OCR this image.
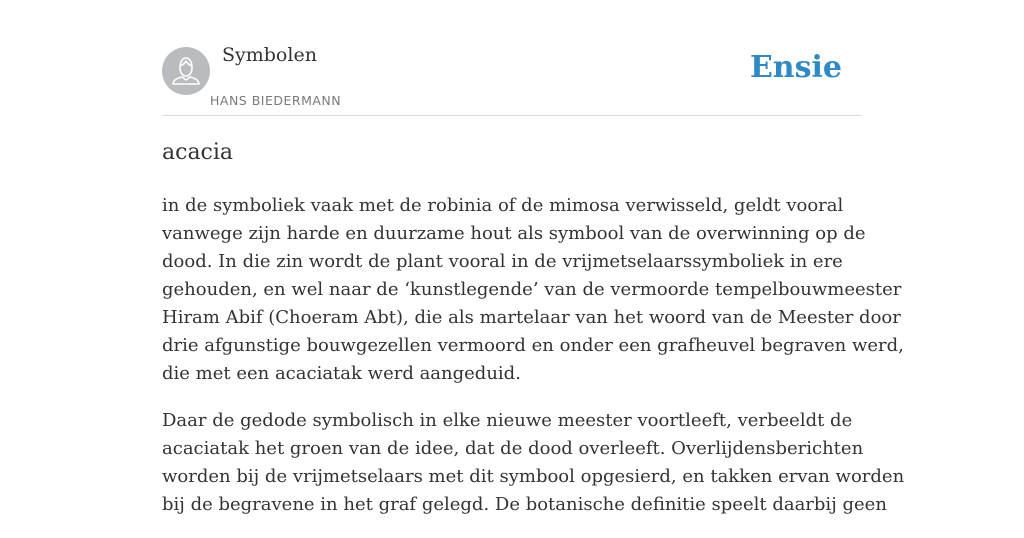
Symbolen
HANS BIEDERMANN
Ensie
acacia

in de symboliek vaak met de robinia of de mimosa verwisseld, geldt vooral
vanwege zijn harde en duurzame hout als symbool van de overwinning op de
dood. In die zin wordt de plant vooral in de vrijmetselaarssymboliek in ere
gehouden, en wel naar de ‘kunstlegende’ van de vermoorde tempelbouwmeester
Hiram Abif (Choeram Abt), die als martelaar van het woord van de Meester door
drie afgunstige bouwgezellen vermoord en onder een grafheuvel begraven werd,
die met een acaciatak werd aangeduid.

Daar de gedode symbolisch in elke nieuwe meester voortleeft, verbeeldt de
acaciatak het groen van de idee, dat de dood overleeft. Overlijdensberichten
worden bij de vrijmetselaars met dit symbool opgesierd, en takken ervan worden
bij de begravene in het graf gelegd. De botanische definitie speelt daarbij geen
